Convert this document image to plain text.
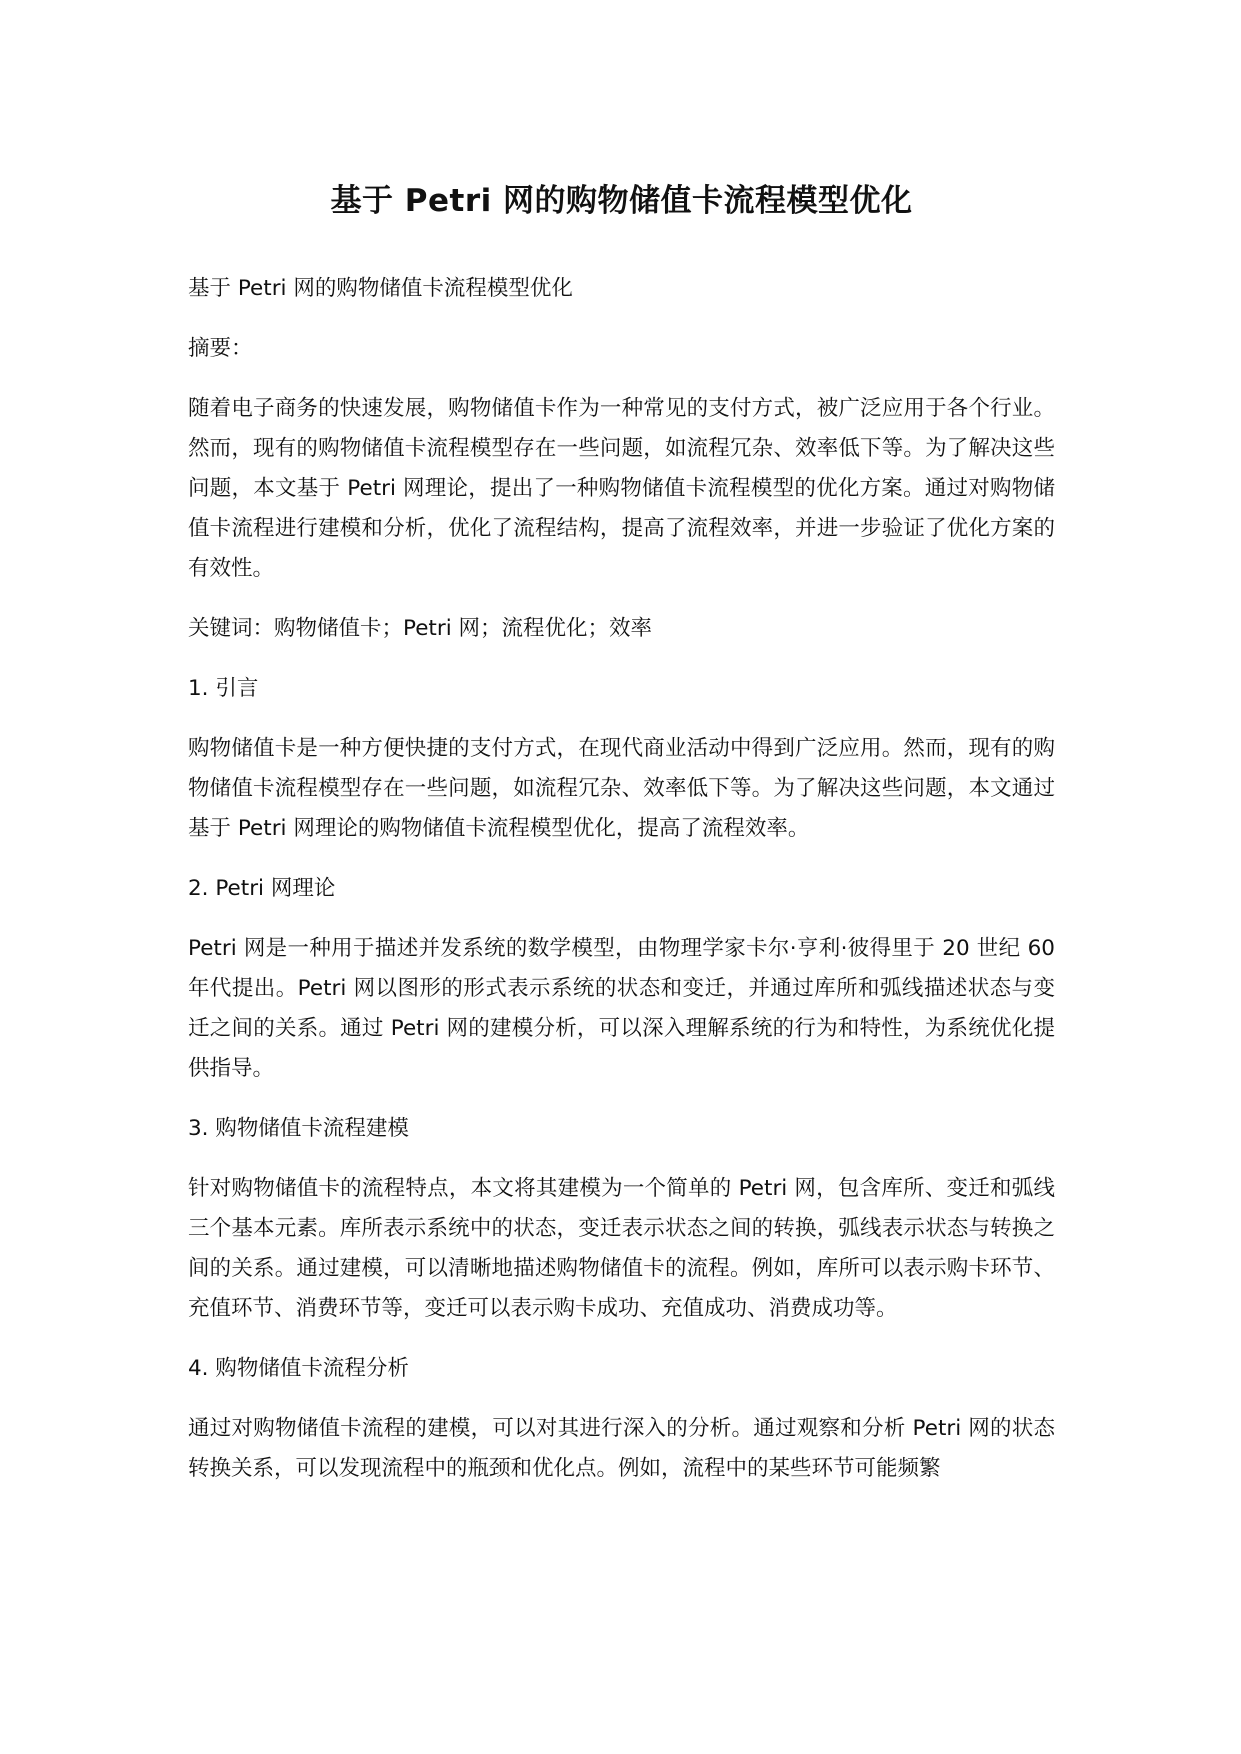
基于 Petri 网的购物储值卡流程模型优化

基于 Petri 网的购物储值卡流程模型优化

摘要：

随着电子商务的快速发展，购物储值卡作为一种常见的支付方式，被广泛应用于各个行业。然而，现有的购物储值卡流程模型存在一些问题，如流程冗杂、效率低下等。为了解决这些问题，本文基于 Petri 网理论，提出了一种购物储值卡流程模型的优化方案。通过对购物储值卡流程进行建模和分析，优化了流程结构，提高了流程效率，并进一步验证了优化方案的有效性。

关键词：购物储值卡；Petri 网；流程优化；效率

1. 引言

购物储值卡是一种方便快捷的支付方式，在现代商业活动中得到广泛应用。然而，现有的购物储值卡流程模型存在一些问题，如流程冗杂、效率低下等。为了解决这些问题，本文通过基于 Petri 网理论的购物储值卡流程模型优化，提高了流程效率。

2. Petri 网理论

Petri 网是一种用于描述并发系统的数学模型，由物理学家卡尔·亨利·彼得里于 20 世纪 60 年代提出。Petri 网以图形的形式表示系统的状态和变迁，并通过库所和弧线描述状态与变迁之间的关系。通过 Petri 网的建模分析，可以深入理解系统的行为和特性，为系统优化提供指导。

3. 购物储值卡流程建模

针对购物储值卡的流程特点，本文将其建模为一个简单的 Petri 网，包含库所、变迁和弧线三个基本元素。库所表示系统中的状态，变迁表示状态之间的转换，弧线表示状态与转换之间的关系。通过建模，可以清晰地描述购物储值卡的流程。例如，库所可以表示购卡环节、充值环节、消费环节等，变迁可以表示购卡成功、充值成功、消费成功等。

4. 购物储值卡流程分析

通过对购物储值卡流程的建模，可以对其进行深入的分析。通过观察和分析 Petri 网的状态转换关系，可以发现流程中的瓶颈和优化点。例如，流程中的某些环节可能频繁
